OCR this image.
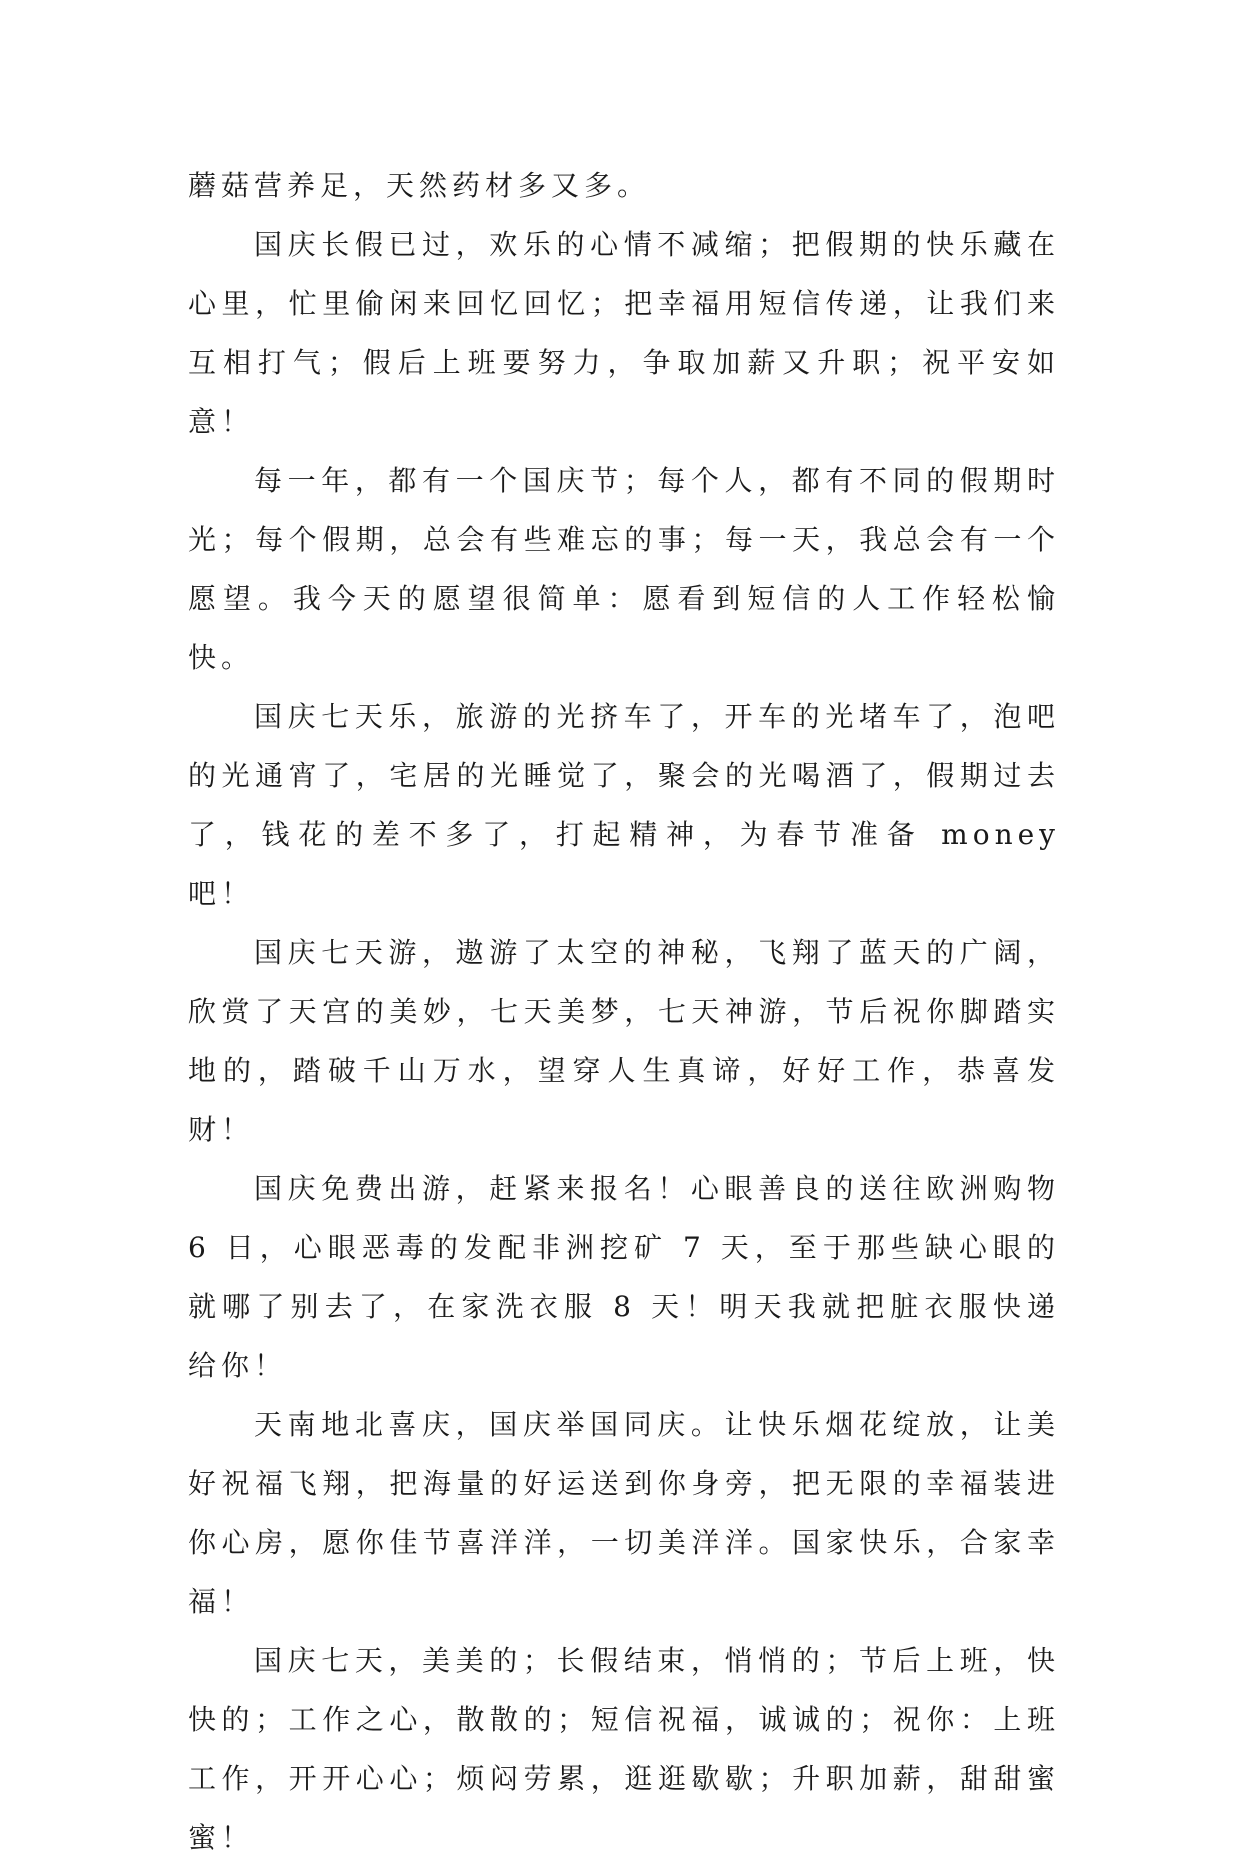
蘑菇营养足，天然药材多又多。

国庆长假已过，欢乐的心情不减缩；把假期的快乐藏在心里，忙里偷闲来回忆回忆；把幸福用短信传递，让我们来互相打气；假后上班要努力，争取加薪又升职；祝平安如意！

每一年，都有一个国庆节；每个人，都有不同的假期时光；每个假期，总会有些难忘的事；每一天，我总会有一个愿望。我今天的愿望很简单：愿看到短信的人工作轻松愉快。

国庆七天乐，旅游的光挤车了，开车的光堵车了，泡吧的光通宵了，宅居的光睡觉了，聚会的光喝酒了，假期过去了，钱花的差不多了，打起精神，为春节准备 money 吧！

国庆七天游，遨游了太空的神秘，飞翔了蓝天的广阔，欣赏了天宫的美妙，七天美梦，七天神游，节后祝你脚踏实地的，踏破千山万水，望穿人生真谛，好好工作，恭喜发财！

国庆免费出游，赶紧来报名！心眼善良的送往欧洲购物 6 日，心眼恶毒的发配非洲挖矿 7 天，至于那些缺心眼的就哪了别去了，在家洗衣服 8 天！明天我就把脏衣服快递给你！

天南地北喜庆，国庆举国同庆。让快乐烟花绽放，让美好祝福飞翔，把海量的好运送到你身旁，把无限的幸福装进你心房，愿你佳节喜洋洋，一切美洋洋。国家快乐，合家幸福！

国庆七天，美美的；长假结束，悄悄的；节后上班，快快的；工作之心，散散的；短信祝福，诚诚的；祝你：上班工作，开开心心；烦闷劳累，逛逛歇歇；升职加薪，甜甜蜜蜜！
